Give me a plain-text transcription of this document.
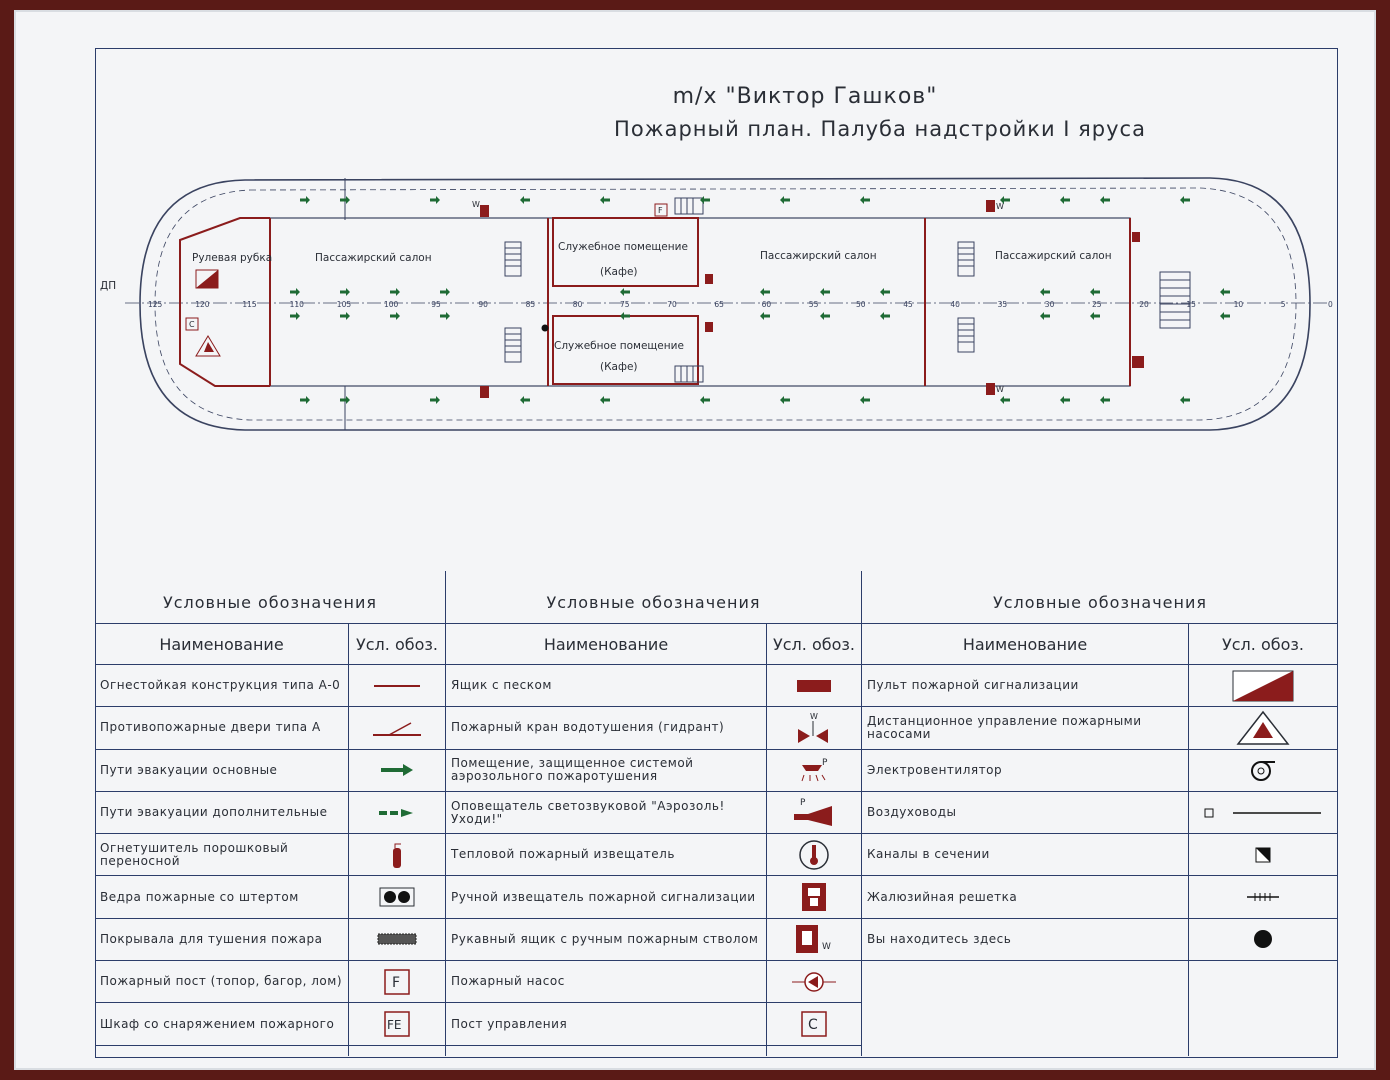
m/x "Виктор Гашков"
Пожарный план. Палуба надстройки I яруса
ДП
C
F
W	W
W
Рулевая рубка	Пассажирский салон
Служебное помещение
(Кафе)
Пассажирский салон	Пассажирский салон
Служебное помещение
(Кафе)
125	120	115	110	105	100	95	90	85	80	75	70	65	60	55	50	45	40	35	30	25	20	15	10	5	0
Условные обозначения
Наименование	Усл. обоз.
Огнестойкая конструкция типа А-0
Противопожарные двери типа А
Пути эвакуации основные
Пути эвакуации дополнительные
Огнетушитель порошковый переносной
Ведра пожарные со штертом
Покрывала для тушения пожара
Пожарный пост (топор, багор, лом)	F
Шкаф со снаряжением пожарного	FE
Условные обозначения
Наименование	Усл. обоз.
Ящик с песком
Пожарный кран водотушения (гидрант)
W
Помещение, защищенное системой аэрозольного пожаротушения
P
Оповещатель светозвуковой "Аэрозоль! Уходи!"
P
Тепловой пожарный извещатель
Ручной извещатель пожарной сигнализации
Рукавный ящик с ручным пожарным стволом
W
Пожарный насос
Пост управления	C
Условные обозначения
Наименование	Усл. обоз.
Пульт пожарной сигнализации
Дистанционное управление пожарными насосами
Электровентилятор
Воздуховоды
Каналы в сечении
Жалюзийная решетка
Вы находитесь здесь
